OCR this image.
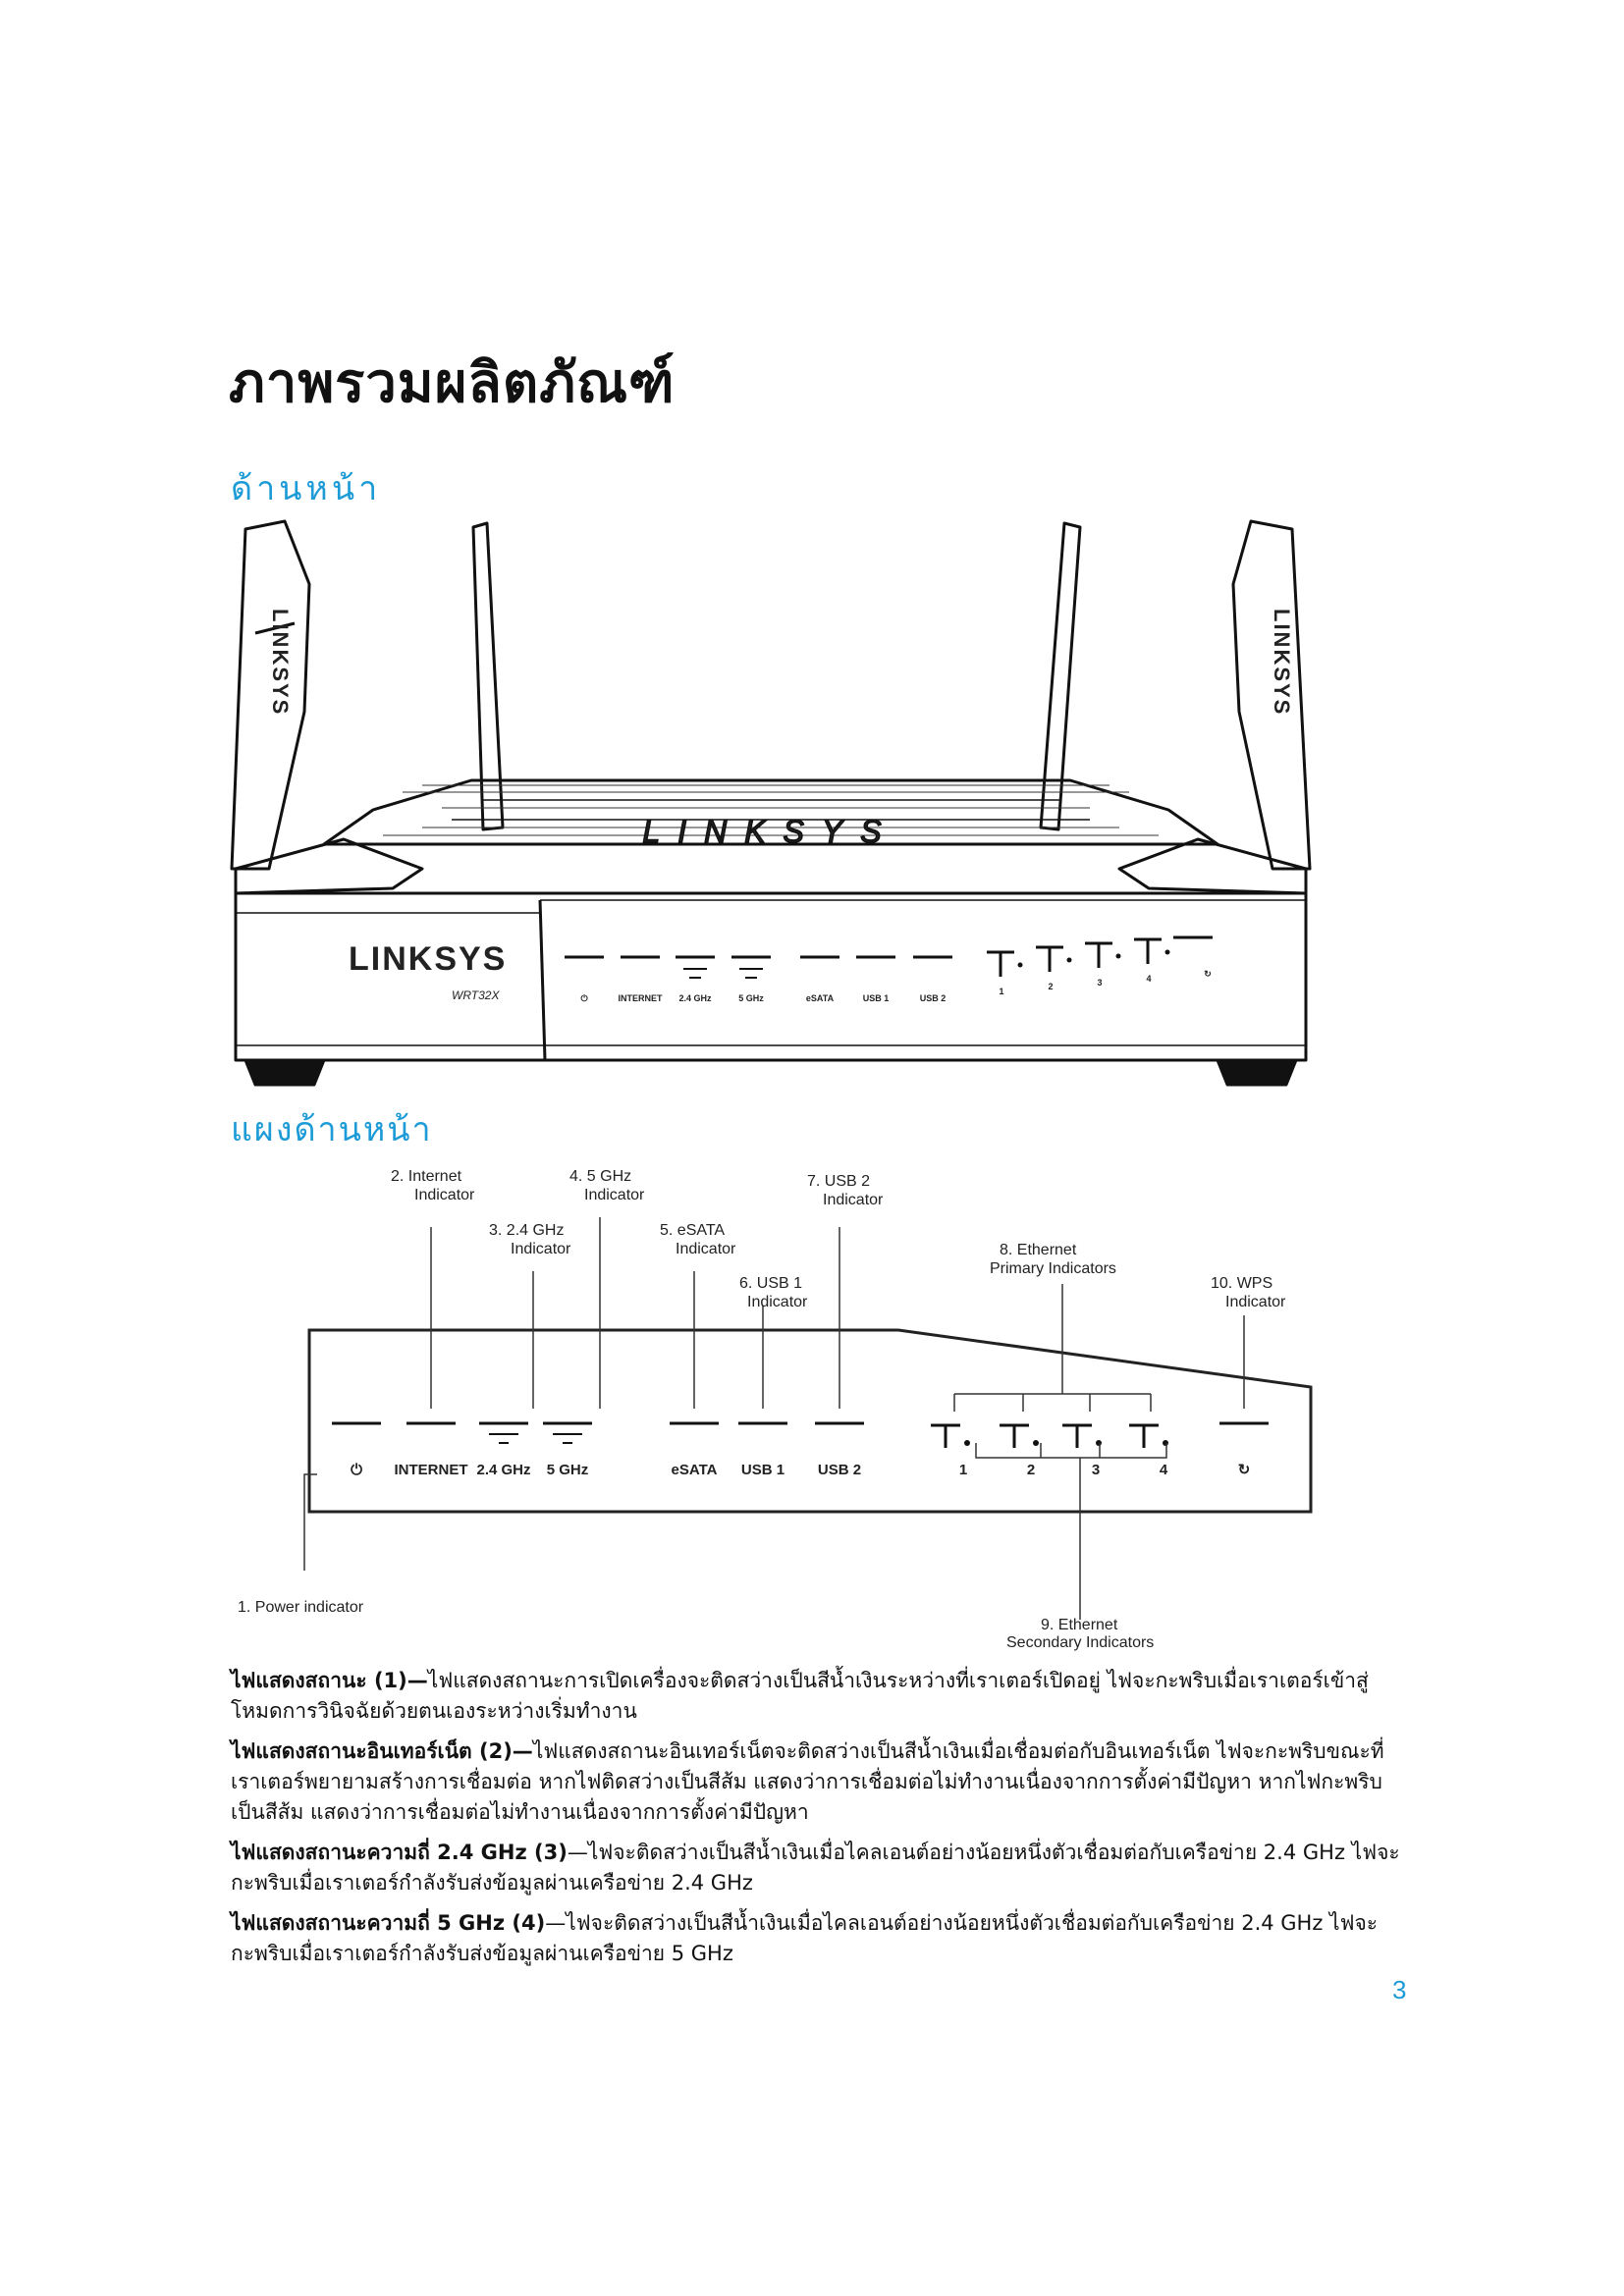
ภาพรวมผลิตภัณฑ์
ด้านหน้า
LINKSYS
LINKSYS	LINKSYS
LINKSYS
WRT32X	⏻	INTERNET 2.4 GHz	5 GHz	eSATA	USB 1	USB 2
1	2	3	4	↻
แผงด้านหน้า
⏻ INTERNET 2.4 GHz 5 GHz	eSATA USB 1 USB 2	1	2	3	4	↻
1. Power indicator
2. Internet
Indicator
3. 2.4 GHz
Indicator
4. 5 GHz
Indicator
5. eSATA
Indicator
6. USB 1
Indicator
7. USB 2
Indicator
8. Ethernet
Primary Indicators
9. Ethernet
Secondary Indicators
10. WPS
Indicator

ไฟแสดงสถานะ (1)—ไฟแสดงสถานะการเปิดเครื่องจะติดสว่างเป็นสีน้ำเงินระหว่างที่เราเตอร์เปิดอยู่ ไฟจะกะพริบเมื่อเราเตอร์เข้าสู่โหมดการวินิจฉัยด้วยตนเองระหว่างเริ่มทำงาน

ไฟแสดงสถานะอินเทอร์เน็ต (2)—ไฟแสดงสถานะอินเทอร์เน็ตจะติดสว่างเป็นสีน้ำเงินเมื่อเชื่อมต่อกับอินเทอร์เน็ต ไฟจะกะพริบขณะที่เราเตอร์พยายามสร้างการเชื่อมต่อ หากไฟติดสว่างเป็นสีส้ม แสดงว่าการเชื่อมต่อไม่ทำงานเนื่องจากการตั้งค่ามีปัญหา หากไฟกะพริบเป็นสีส้ม แสดงว่าการเชื่อมต่อไม่ทำงานเนื่องจากการตั้งค่ามีปัญหา

ไฟแสดงสถานะความถี่ 2.4 GHz (3)—ไฟจะติดสว่างเป็นสีน้ำเงินเมื่อไคลเอนต์อย่างน้อยหนึ่งตัวเชื่อมต่อกับเครือข่าย 2.4 GHz ไฟจะกะพริบเมื่อเราเตอร์กำลังรับส่งข้อมูลผ่านเครือข่าย 2.4 GHz

ไฟแสดงสถานะความถี่ 5 GHz (4)—ไฟจะติดสว่างเป็นสีน้ำเงินเมื่อไคลเอนต์อย่างน้อยหนึ่งตัวเชื่อมต่อกับเครือข่าย 2.4 GHz ไฟจะกะพริบเมื่อเราเตอร์กำลังรับส่งข้อมูลผ่านเครือข่าย 5 GHz

3
